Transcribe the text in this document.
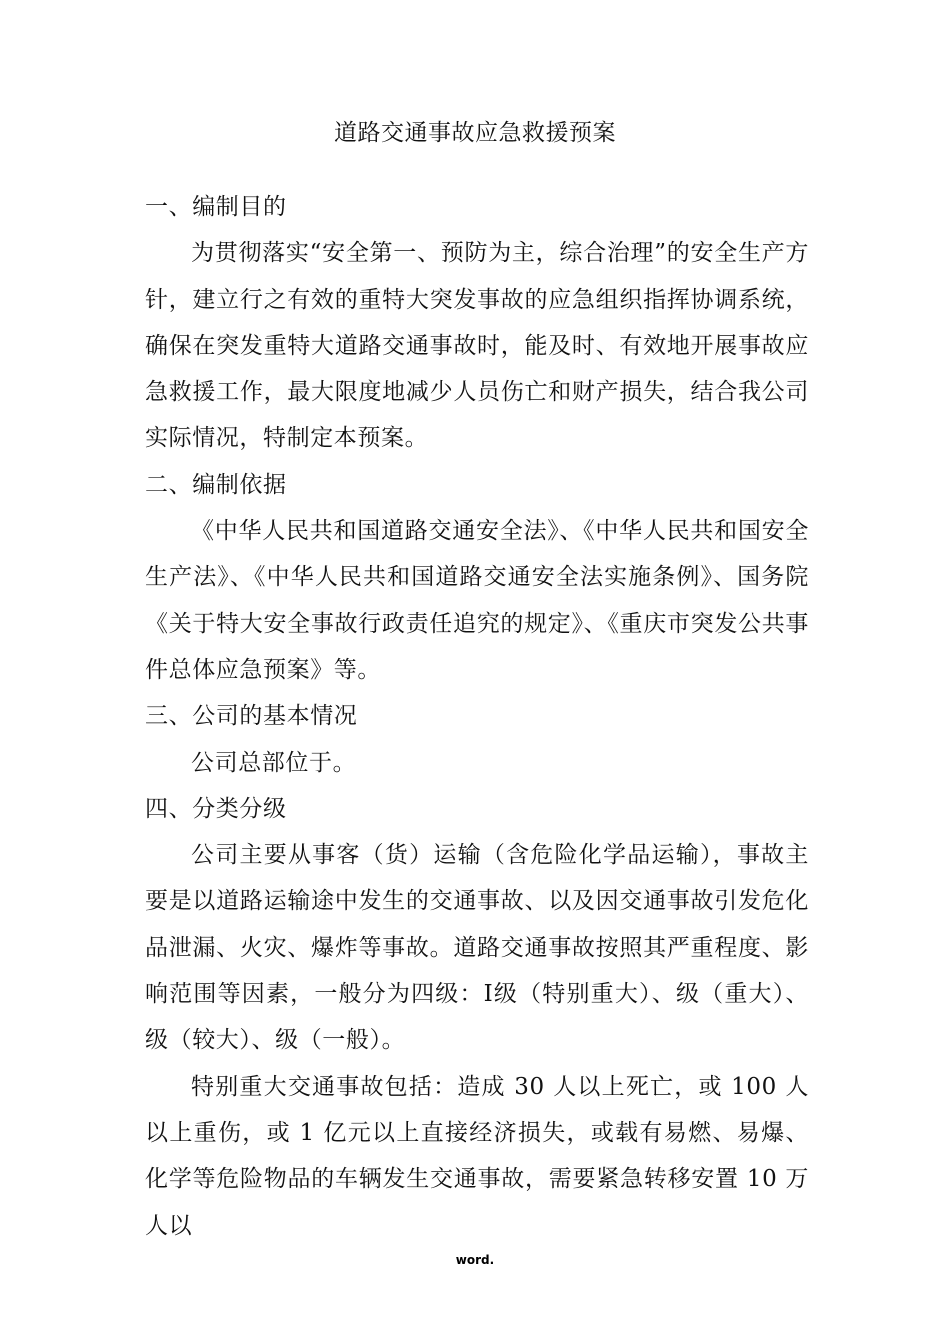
道路交通事故应急救援预案

一、编制目的

为贯彻落实“安全第一、预防为主，综合治理”的安全生产方针，建立行之有效的重特大突发事故的应急组织指挥协调系统，确保在突发重特大道路交通事故时，能及时、有效地开展事故应急救援工作，最大限度地减少人员伤亡和财产损失，结合我公司实际情况，特制定本预案。

二、编制依据

《中华人民共和国道路交通安全法》、《中华人民共和国安全生产法》、《中华人民共和国道路交通安全法实施条例》、国务院《关于特大安全事故行政责任追究的规定》、《重庆市突发公共事件总体应急预案》等。

三、公司的基本情况

公司总部位于。

四、分类分级

公司主要从事客（货）运输（含危险化学品运输），事故主要是以道路运输途中发生的交通事故、以及因交通事故引发危化品泄漏、火灾、爆炸等事故。道路交通事故按照其严重程度、影响范围等因素，一般分为四级：Ⅰ级（特别重大）、级（重大）、级（较大）、级（一般）。

特别重大交通事故包括：造成 30 人以上死亡，或 100 人以上重伤，或 1 亿元以上直接经济损失，或载有易燃、易爆、化学等危险物品的车辆发生交通事故，需要紧急转移安置 10 万人以

word.
